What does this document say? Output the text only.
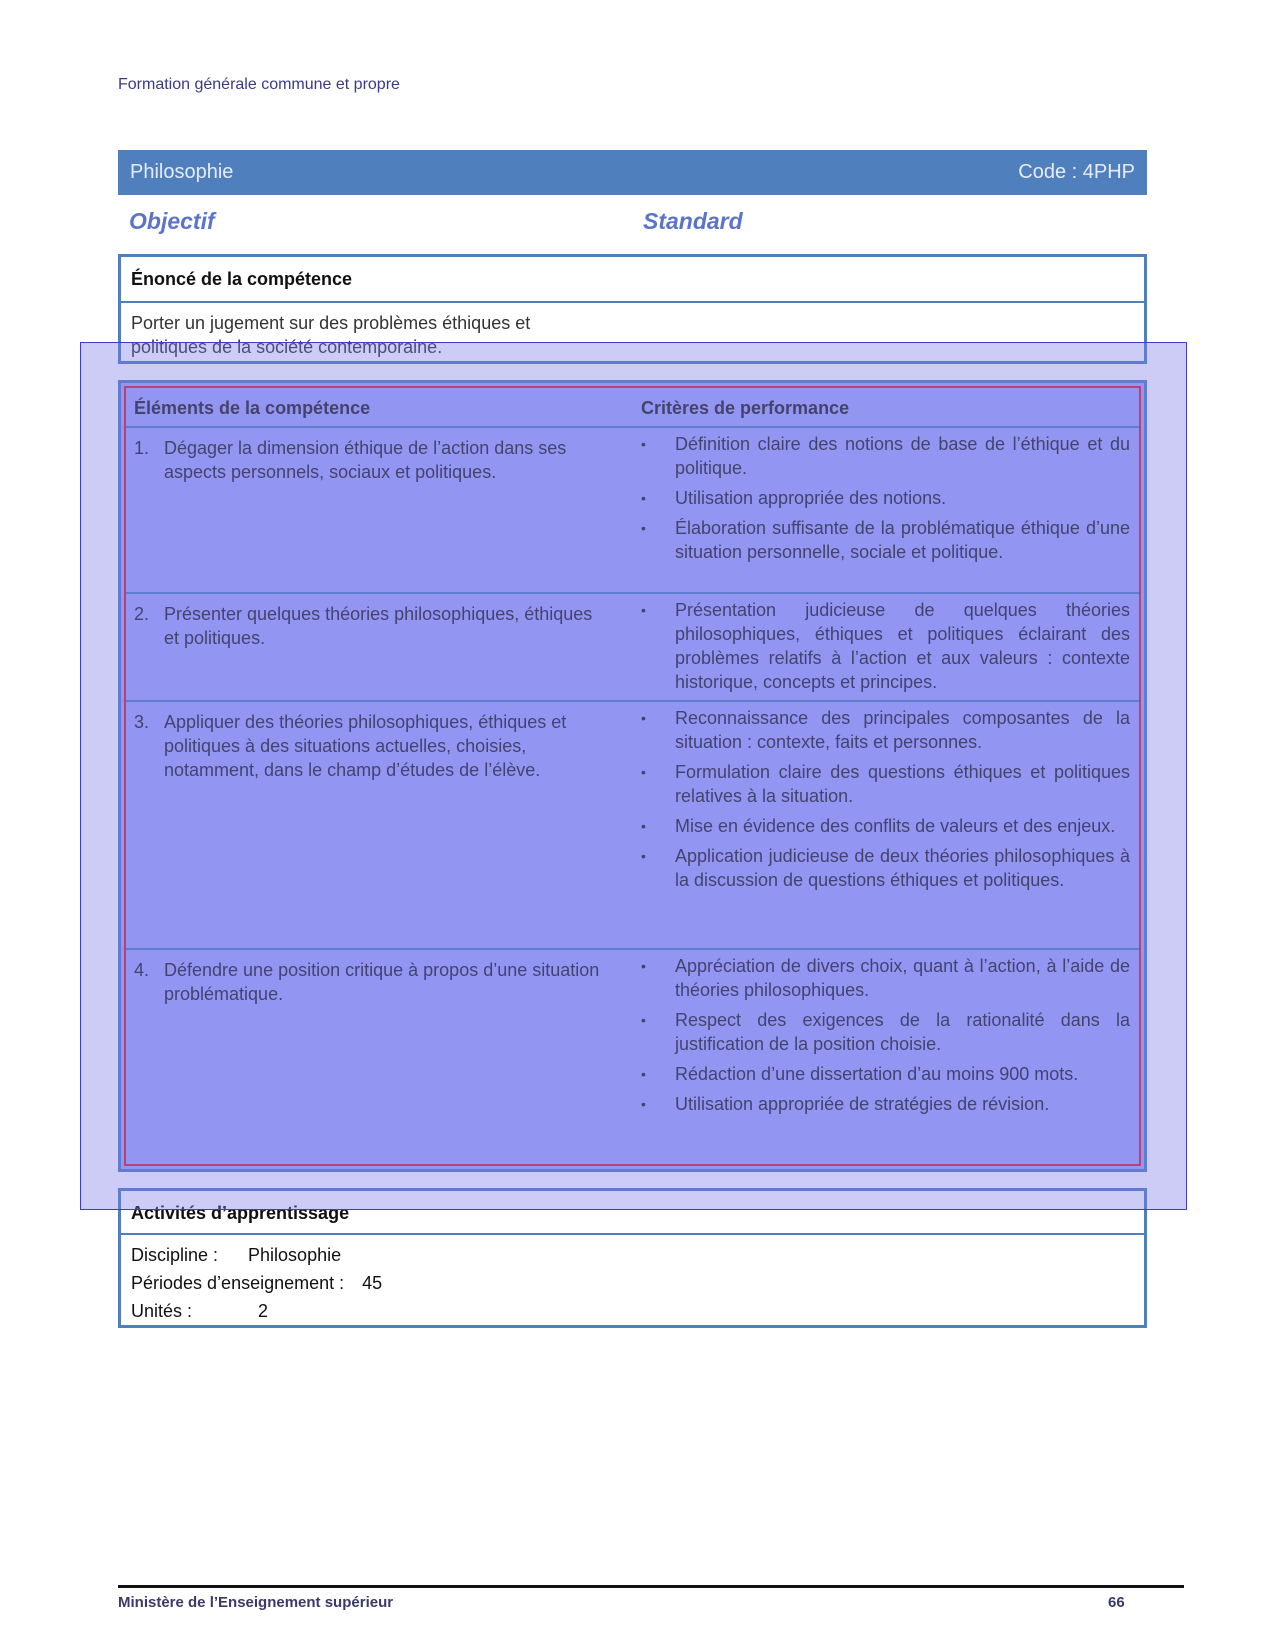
Formation générale commune et propre
Philosophie	Code : 4PHP
Objectif	Standard
Énoncé de la compétence
Porter un jugement sur des problèmes éthiques et politiques de la société contemporaine.
Éléments de la compétence	Critères de performance
1. Dégager la dimension éthique de l’action dans ses aspects personnels, sociaux et politiques.
•	Définition claire des notions de base de l’éthique et du politique.
•	Utilisation appropriée des notions.
•	Élaboration suffisante de la problématique éthique d’une situation personnelle, sociale et politique.
2. Présenter quelques théories philosophiques, éthiques et politiques.
•	Présentation judicieuse de quelques théories philosophiques, éthiques et politiques éclairant des problèmes relatifs à l’action et aux valeurs : contexte historique, concepts et principes.
3. Appliquer des théories philosophiques, éthiques et politiques à des situations actuelles, choisies, notamment, dans le champ d’études de l’élève.
•	Reconnaissance des principales composantes de la situation : contexte, faits et personnes.
•	Formulation claire des questions éthiques et politiques relatives à la situation.
•	Mise en évidence des conflits de valeurs et des enjeux.
•	Application judicieuse de deux théories philosophiques à la discussion de questions éthiques et politiques.
4. Défendre une position critique à propos d’une situation problématique.
•	Appréciation de divers choix, quant à l’action, à l’aide de théories philosophiques.
•	Respect des exigences de la rationalité dans la justification de la position choisie.
•	Rédaction d’une dissertation d’au moins 900 mots.
•	Utilisation appropriée de stratégies de révision.
Activités d’apprentissage
Discipline : Philosophie
Périodes d’enseignement : 45
Unités :	2
Ministère de l’Enseignement supérieur	66
